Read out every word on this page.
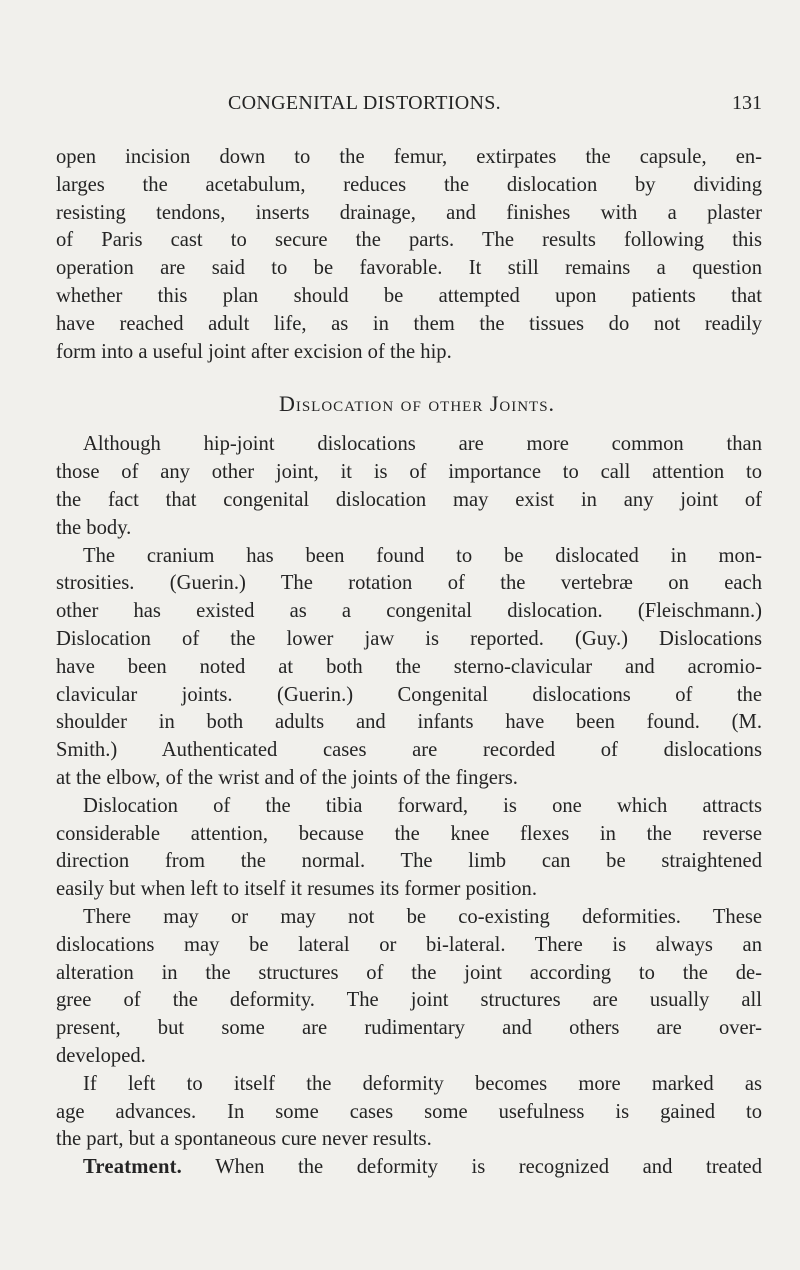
CONGENITAL DISTORTIONS.	131
open incision down to the femur, extirpates the capsule, en-
larges the acetabulum, reduces the dislocation by dividing
resisting tendons, inserts drainage, and finishes with a plaster
of Paris cast to secure the parts. The results following this
operation are said to be favorable. It still remains a question
whether this plan should be attempted upon patients that
have reached adult life, as in them the tissues do not readily
form into a useful joint after excision of the hip.
Dislocation of other Joints.
Although hip-joint dislocations are more common than
those of any other joint, it is of importance to call attention to
the fact that congenital dislocation may exist in any joint of
the body.
The cranium has been found to be dislocated in mon-
strosities. (Guerin.) The rotation of the vertebræ on each
other has existed as a congenital dislocation. (Fleischmann.)
Dislocation of the lower jaw is reported. (Guy.) Dislocations
have been noted at both the sterno-clavicular and acromio-
clavicular joints. (Guerin.) Congenital dislocations of the
shoulder in both adults and infants have been found. (M.
Smith.) Authenticated cases are recorded of dislocations
at the elbow, of the wrist and of the joints of the fingers.
Dislocation of the tibia forward, is one which attracts
considerable attention, because the knee flexes in the reverse
direction from the normal. The limb can be straightened
easily but when left to itself it resumes its former position.
There may or may not be co-existing deformities. These
dislocations may be lateral or bi-lateral. There is always an
alteration in the structures of the joint according to the de-
gree of the deformity. The joint structures are usually all
present, but some are rudimentary and others are over-
developed.
If left to itself the deformity becomes more marked as
age advances. In some cases some usefulness is gained to
the part, but a spontaneous cure never results.
Treatment. When the deformity is recognized and treated
